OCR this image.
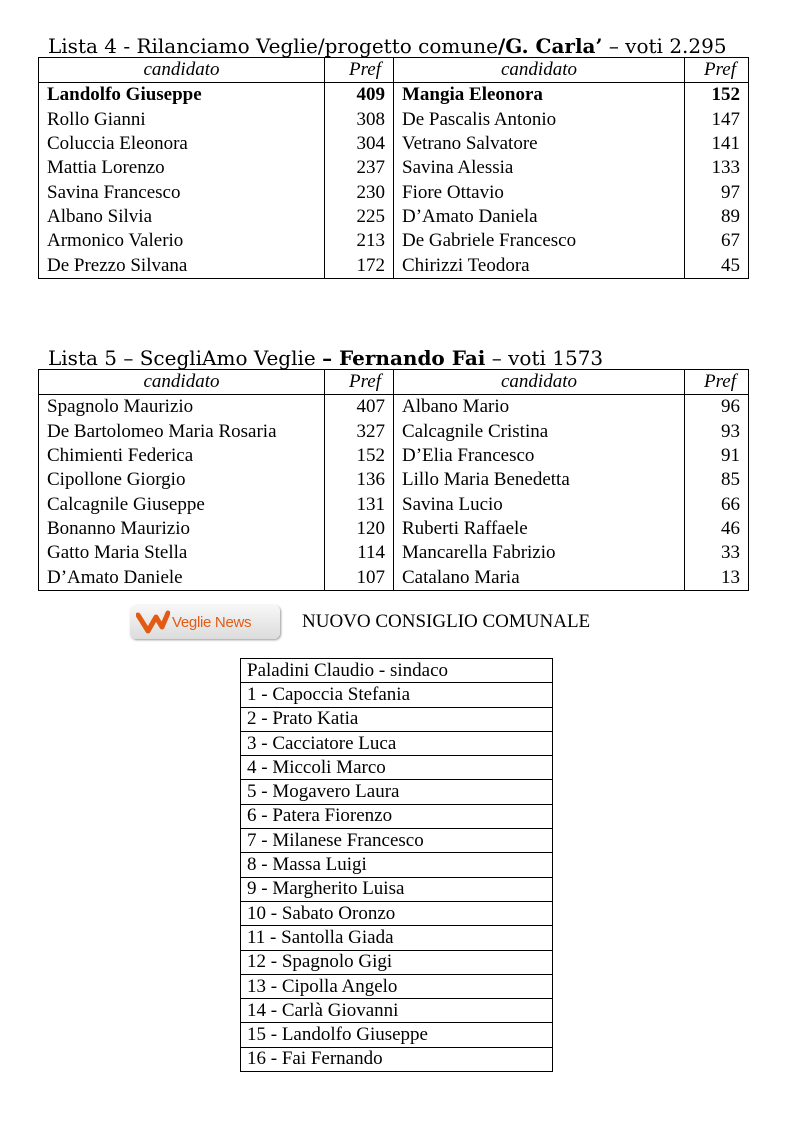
Lista 4 - Rilanciamo Veglie/progetto comune/G. Carla’ – voti 2.295
candidato	Pref	candidato	Pref
Landolfo Giuseppe	409	Mangia Eleonora	152
Rollo Gianni	308	De Pascalis Antonio	147
Coluccia Eleonora	304	Vetrano Salvatore	141
Mattia Lorenzo	237	Savina Alessia	133
Savina Francesco	230	Fiore Ottavio	97
Albano Silvia	225	D’Amato Daniela	89
Armonico Valerio	213	De Gabriele Francesco	67
De Prezzo Silvana	172	Chirizzi Teodora	45
Lista 5 – ScegliAmo Veglie – Fernando Fai – voti 1573
candidato	Pref	candidato	Pref
Spagnolo Maurizio	407	Albano Mario	96
De Bartolomeo Maria Rosaria	327	Calcagnile Cristina	93
Chimienti Federica	152	D’Elia Francesco	91
Cipollone Giorgio	136	Lillo Maria Benedetta	85
Calcagnile Giuseppe	131	Savina Lucio	66
Bonanno Maurizio	120	Ruberti Raffaele	46
Gatto Maria Stella	114	Mancarella Fabrizio	33
D’Amato Daniele	107	Catalano Maria	13
Veglie News	NUOVO CONSIGLIO COMUNALE
Paladini Claudio - sindaco
1 - Capoccia Stefania
2 - Prato Katia
3 - Cacciatore Luca
4 - Miccoli Marco
5 - Mogavero Laura
6 - Patera Fiorenzo
7 - Milanese Francesco
8 - Massa Luigi
9 - Margherito Luisa
10 - Sabato Oronzo
11 - Santolla Giada
12 - Spagnolo Gigi
13 - Cipolla Angelo
14 - Carlà Giovanni
15 - Landolfo Giuseppe
16 - Fai Fernando
